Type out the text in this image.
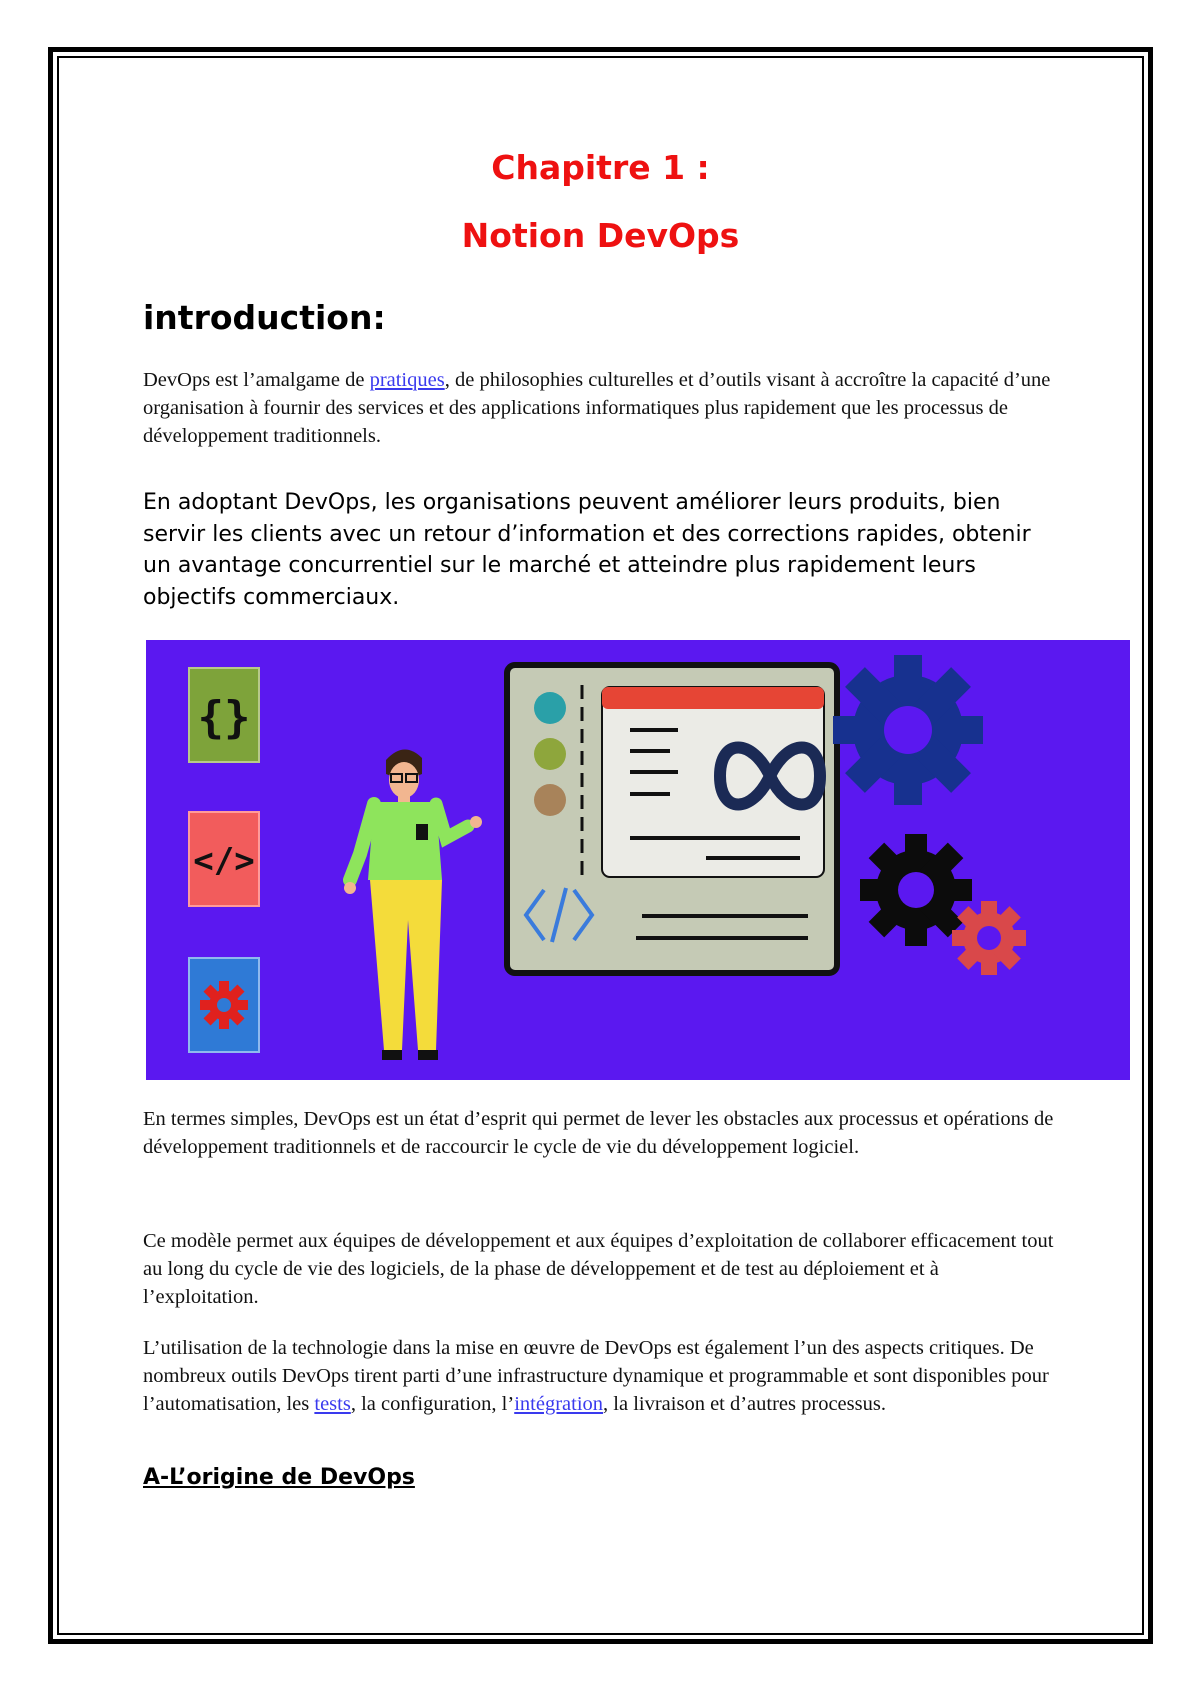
Chapitre 1 :

Notion DevOps

introduction:

DevOps est l’amalgame de pratiques, de philosophies culturelles et d’outils visant à accroître la capacité d’une organisation à fournir des services et des applications informatiques plus rapidement que les processus de développement traditionnels.

En adoptant DevOps, les organisations peuvent améliorer leurs produits, bien servir les clients avec un retour d’information et des corrections rapides, obtenir un avantage concurrentiel sur le marché et atteindre plus rapidement leurs objectifs commerciaux.

En termes simples, DevOps est un état d’esprit qui permet de lever les obstacles aux processus et opérations de développement traditionnels et de raccourcir le cycle de vie du développement logiciel.

Ce modèle permet aux équipes de développement et aux équipes d’exploitation de collaborer efficacement tout au long du cycle de vie des logiciels, de la phase de développement et de test au déploiement et à l’exploitation.

L’utilisation de la technologie dans la mise en œuvre de DevOps est également l’un des aspects critiques. De nombreux outils DevOps tirent parti d’une infrastructure dynamique et programmable et sont disponibles pour l’automatisation, les tests, la configuration, l’intégration, la livraison et d’autres processus.

A-L’origine de DevOps
{}
</>
